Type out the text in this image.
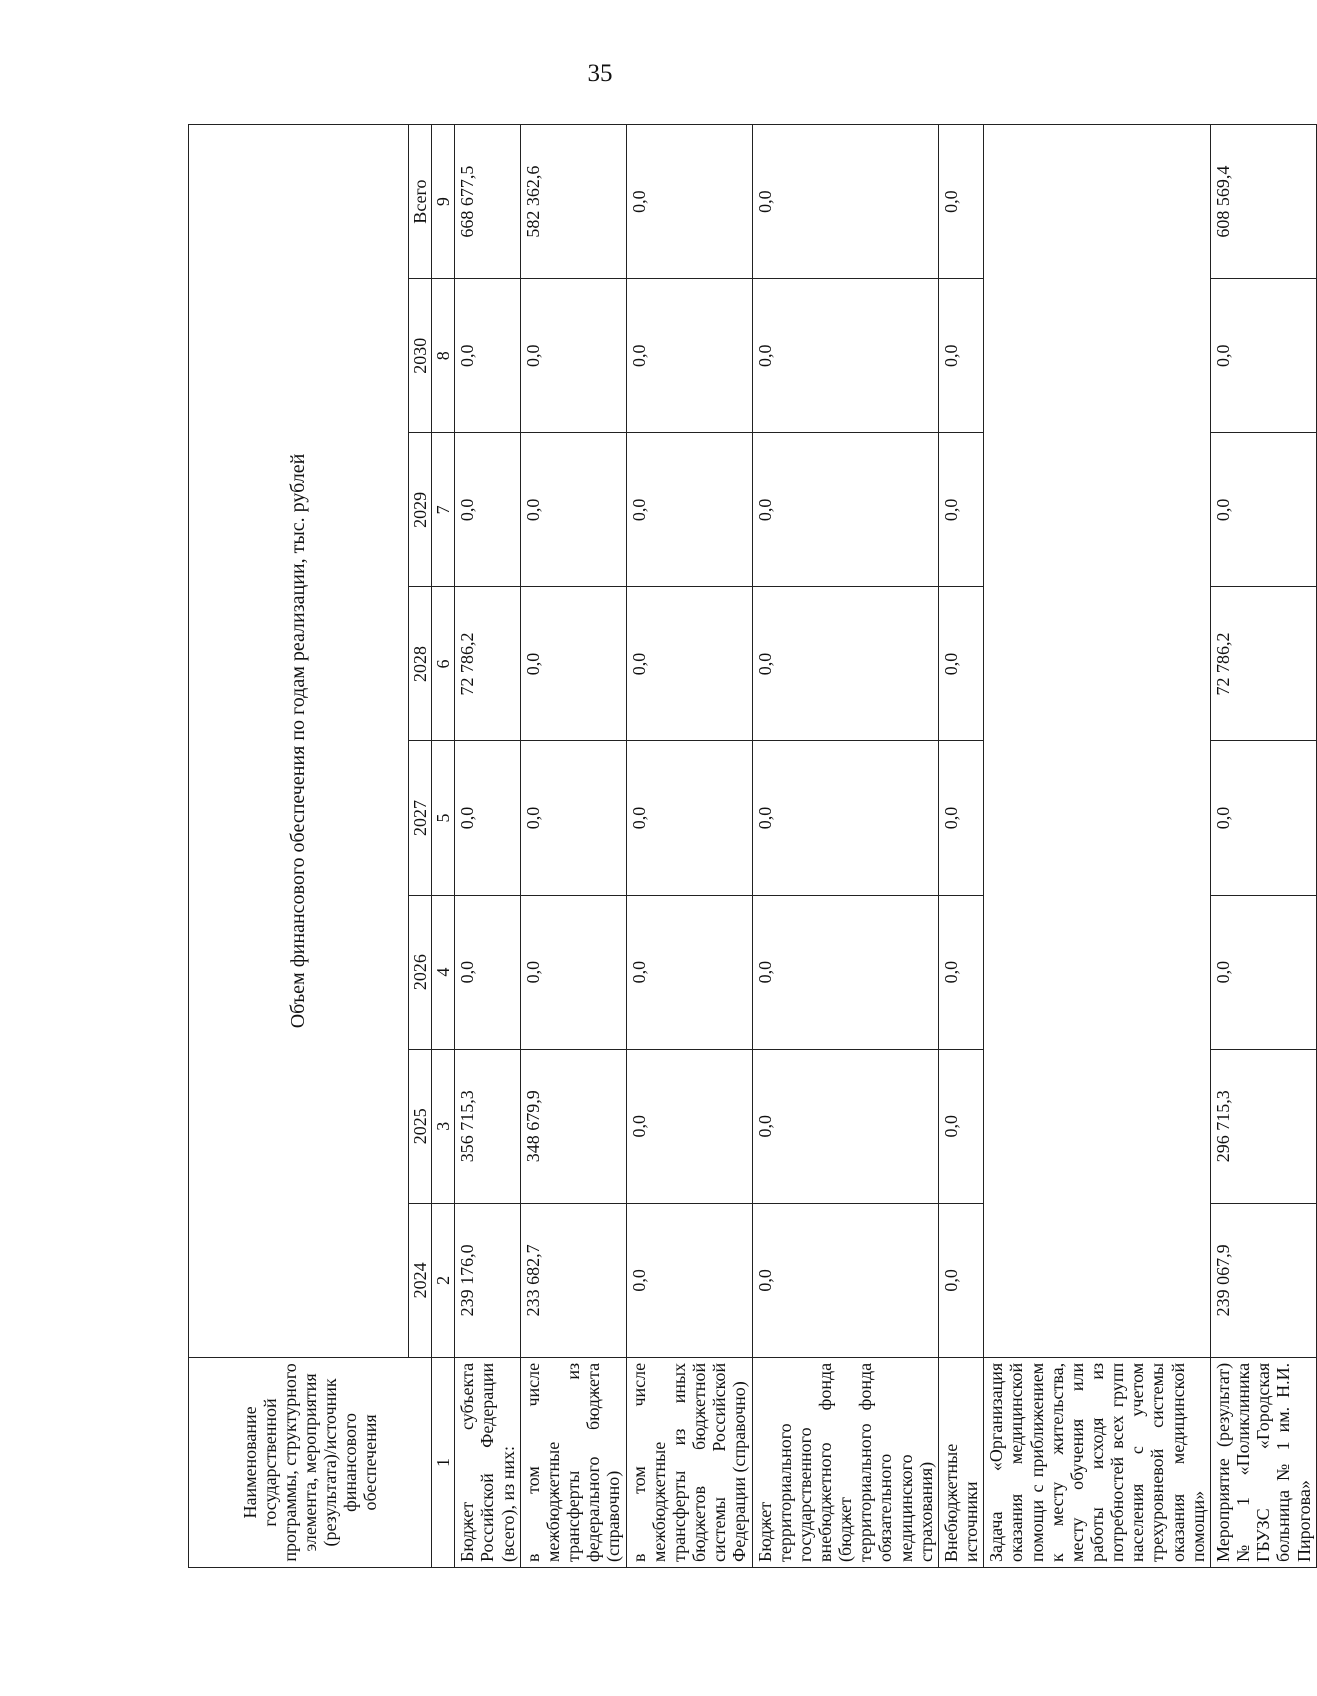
35
Наименование государственной программы, структурного элемента, мероприятия (результата)/источник финансового обеспечения	Объем финансового обеспечения по годам реализации, тыс. рублей							
	2024	2025	2026	2027	2028	2029	2030	Всего
1	2	3	4	5	6	7	8	9
Бюджет субъекта Российской Федерации (всего), из них:	239 176,0	356 715,3	0,0	0,0	72 786,2	0,0	0,0	668 677,5
в том числе межбюджетные трансферты из федерального бюджета (справочно)	233 682,7	348 679,9	0,0	0,0	0,0	0,0	0,0	582 362,6
в том числе межбюджетные трансферты из иных бюджетов бюджетной системы Российской Федерации (справочно)	0,0	0,0	0,0	0,0	0,0	0,0	0,0	0,0
Бюджет территориального государственного внебюджетного фонда (бюджет территориального фонда обязательного медицинского страхования)	0,0	0,0	0,0	0,0	0,0	0,0	0,0	0,0
Внебюджетные источники	0,0	0,0	0,0	0,0	0,0	0,0	0,0	0,0
Задача «Организация оказания медицинской помощи с приближением к месту жительства, месту обучения или работы исходя из потребностей всех групп населения с учетом трехуровневой системы оказания медицинской помощи»								
Мероприятие (результат) № 1 «Поликлиника ГБУЗС «Городская больница № 1 им. Н.И. Пирогова»	239 067,9	296 715,3	0,0	0,0	72 786,2	0,0	0,0	608 569,4
